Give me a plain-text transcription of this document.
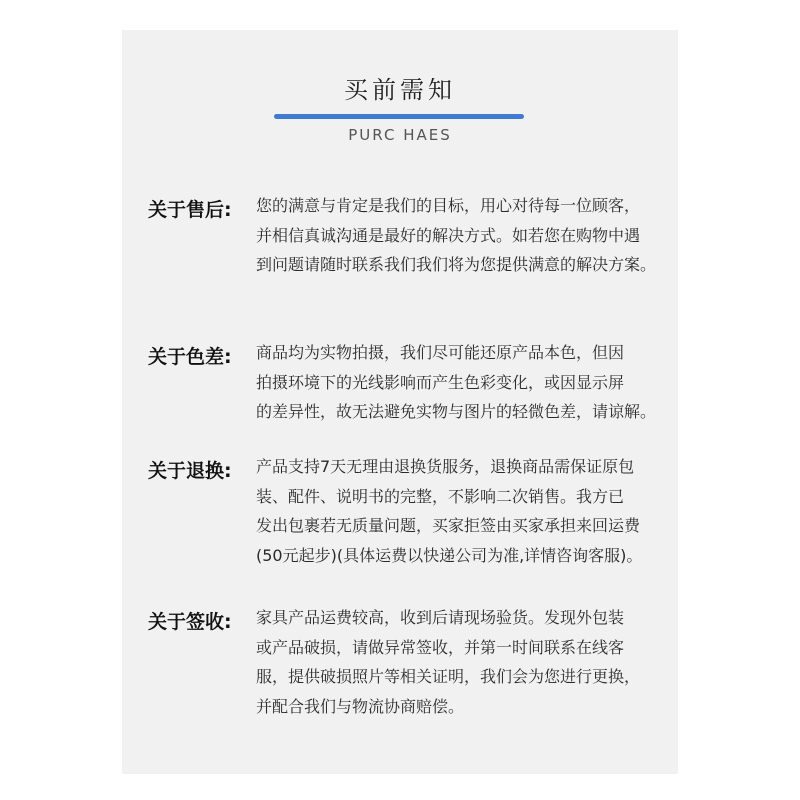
买前需知
PURC HAES
关于售后: 您的满意与肯定是我们的目标，用心对待每一位顾客，
并相信真诚沟通是最好的解决方式。如若您在购物中遇
到问题请随时联系我们我们将为您提供满意的解决方案。
关于色差: 商品均为实物拍摄，我们尽可能还原产品本色，但因
拍摄环境下的光线影响而产生色彩变化，或因显示屏
的差异性，故无法避免实物与图片的轻微色差，请谅解。
关于退换: 产品支持7天无理由退换货服务，退换商品需保证原包
装、配件、说明书的完整，不影响二次销售。我方已
发出包裹若无质量问题，买家拒签由买家承担来回运费
(50元起步)(具体运费以快递公司为准,详情咨询客服)。
关于签收: 家具产品运费较高，收到后请现场验货。发现外包装
或产品破损，请做异常签收，并第一时间联系在线客
服，提供破损照片等相关证明，我们会为您进行更换，
并配合我们与物流协商赔偿。
